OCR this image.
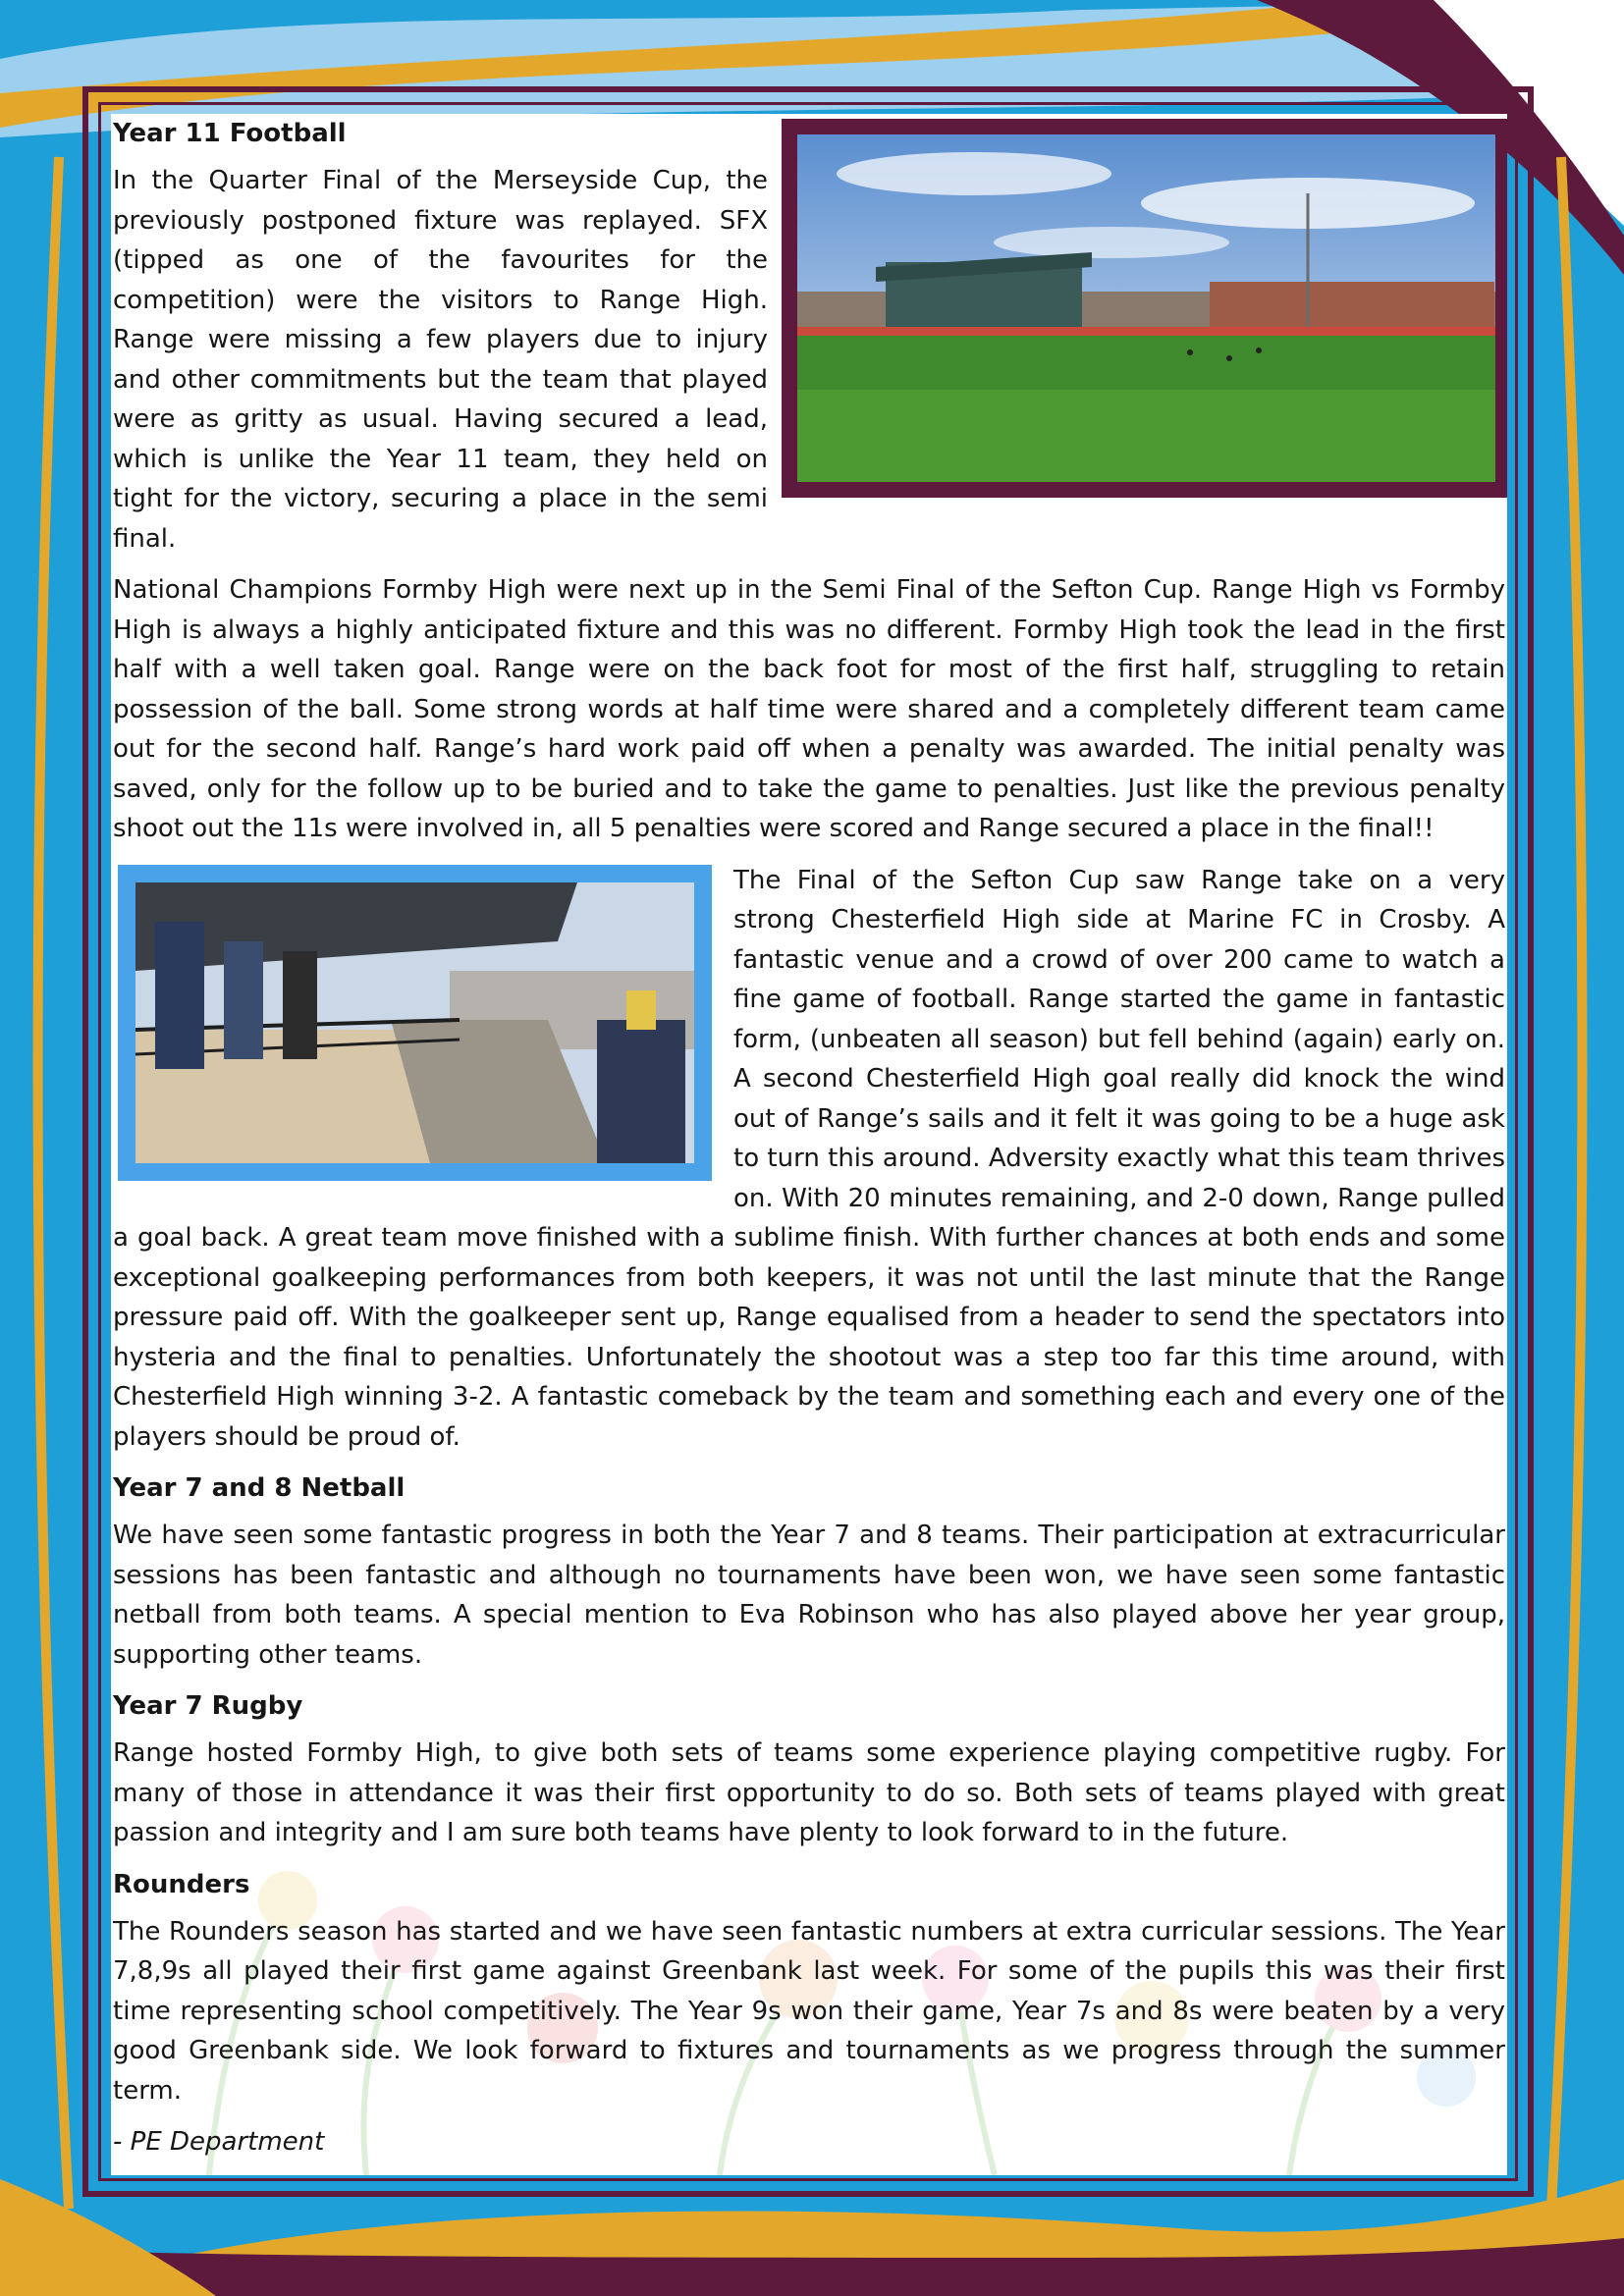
Year 11 Football

In the Quarter Final of the Merseyside Cup, the previously postponed fixture was replayed. SFX (tipped as one of the favourites for the competition) were the visitors to Range High. Range were missing a few players due to injury and other commitments but the team that played were as gritty as usual. Having secured a lead, which is unlike the Year 11 team, they held on tight for the victory, securing a place in the semi final.

National Champions Formby High were next up in the Semi Final of the Sefton Cup. Range High vs Formby High is always a highly anticipated fixture and this was no different. Formby High took the lead in the first half with a well taken goal. Range were on the back foot for most of the first half, struggling to retain possession of the ball. Some strong words at half time were shared and a completely different team came out for the second half. Range’s hard work paid off when a penalty was awarded. The initial penalty was saved, only for the follow up to be buried and to take the game to penalties. Just like the previous penalty shoot out the 11s were involved in, all 5 penalties were scored and Range secured a place in the final!!

The Final of the Sefton Cup saw Range take on a very strong Chesterfield High side at Marine FC in Crosby. A fantastic venue and a crowd of over 200 came to watch a fine game of football. Range started the game in fantastic form, (unbeaten all season) but fell behind (again) early on. A second Chesterfield High goal really did knock the wind out of Range’s sails and it felt it was going to be a huge ask to turn this around. Adversity exactly what this team thrives on. With 20 minutes remaining, and 2-0 down, Range pulled a goal back. A great team move finished with a sublime finish. With further chances at both ends and some exceptional goalkeeping performances from both keepers, it was not until the last minute that the Range pressure paid off. With the goalkeeper sent up, Range equalised from a header to send the spectators into hysteria and the final to penalties. Unfortunately the shootout was a step too far this time around, with Chesterfield High winning 3-2. A fantastic comeback by the team and something each and every one of the players should be proud of.

Year 7 and 8 Netball

We have seen some fantastic progress in both the Year 7 and 8 teams. Their participation at extracurricular sessions has been fantastic and although no tournaments have been won, we have seen some fantastic netball from both teams. A special mention to Eva Robinson who has also played above her year group, supporting other teams.

Year 7 Rugby

Range hosted Formby High, to give both sets of teams some experience playing competitive rugby. For many of those in attendance it was their first opportunity to do so. Both sets of teams played with great passion and integrity and I am sure both teams have plenty to look forward to in the future.

Rounders

The Rounders season has started and we have seen fantastic numbers at extra curricular sessions. The Year 7,8,9s all played their first game against Greenbank last week. For some of the pupils this was their first time representing school competitively. The Year 9s won their game, Year 7s and 8s were beaten by a very good Greenbank side. We look forward to fixtures and tournaments as we progress through the summer term.

- PE Department
